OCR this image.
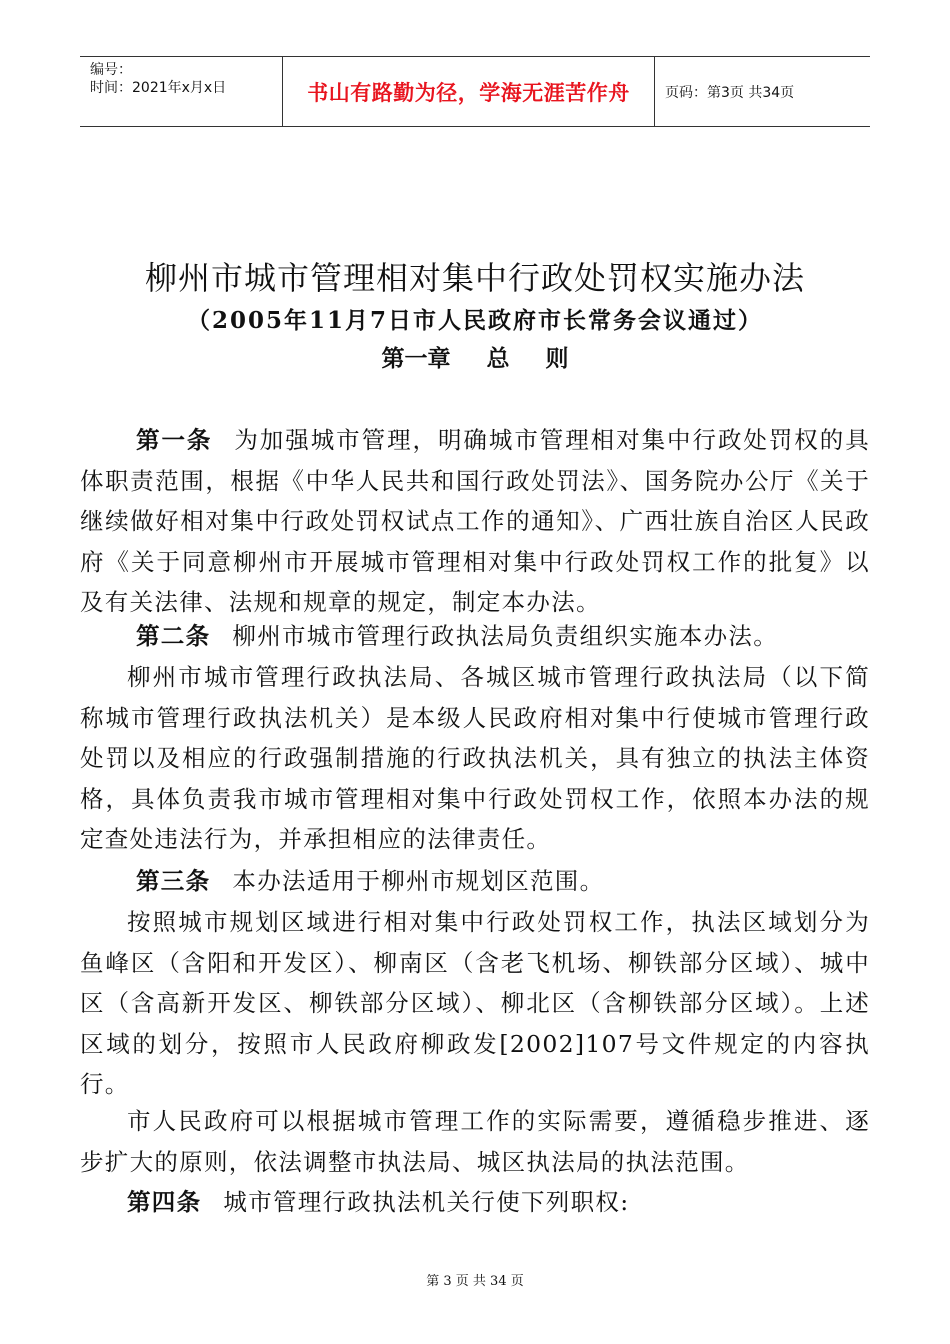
编号：
时间：2021年x月x日	书山有路勤为径，学海无涯苦作舟	页码：第3页 共34页
柳州市城市管理相对集中行政处罚权实施办法
（2005年11月7日市人民政府市长常务会议通过）
第一章 总 则
第一条 为加强城市管理，明确城市管理相对集中行政处罚权的具体职责范围，根据《中华人民共和国行政处罚法》、国务院办公厅《关于继续做好相对集中行政处罚权试点工作的通知》、广西壮族自治区人民政府《关于同意柳州市开展城市管理相对集中行政处罚权工作的批复》以及有关法律、法规和规章的规定，制定本办法。
第二条 柳州市城市管理行政执法局负责组织实施本办法。
柳州市城市管理行政执法局、各城区城市管理行政执法局（以下简称城市管理行政执法机关）是本级人民政府相对集中行使城市管理行政处罚以及相应的行政强制措施的行政执法机关，具有独立的执法主体资格，具体负责我市城市管理相对集中行政处罚权工作，依照本办法的规定查处违法行为，并承担相应的法律责任。
第三条 本办法适用于柳州市规划区范围。
按照城市规划区域进行相对集中行政处罚权工作，执法区域划分为鱼峰区（含阳和开发区）、柳南区（含老飞机场、柳铁部分区域）、城中区（含高新开发区、柳铁部分区域）、柳北区（含柳铁部分区域）。上述区域的划分，按照市人民政府柳政发[2002]107号文件规定的内容执行。
市人民政府可以根据城市管理工作的实际需要，遵循稳步推进、逐步扩大的原则，依法调整市执法局、城区执法局的执法范围。
第四条 城市管理行政执法机关行使下列职权:
第 3 页 共 34 页
